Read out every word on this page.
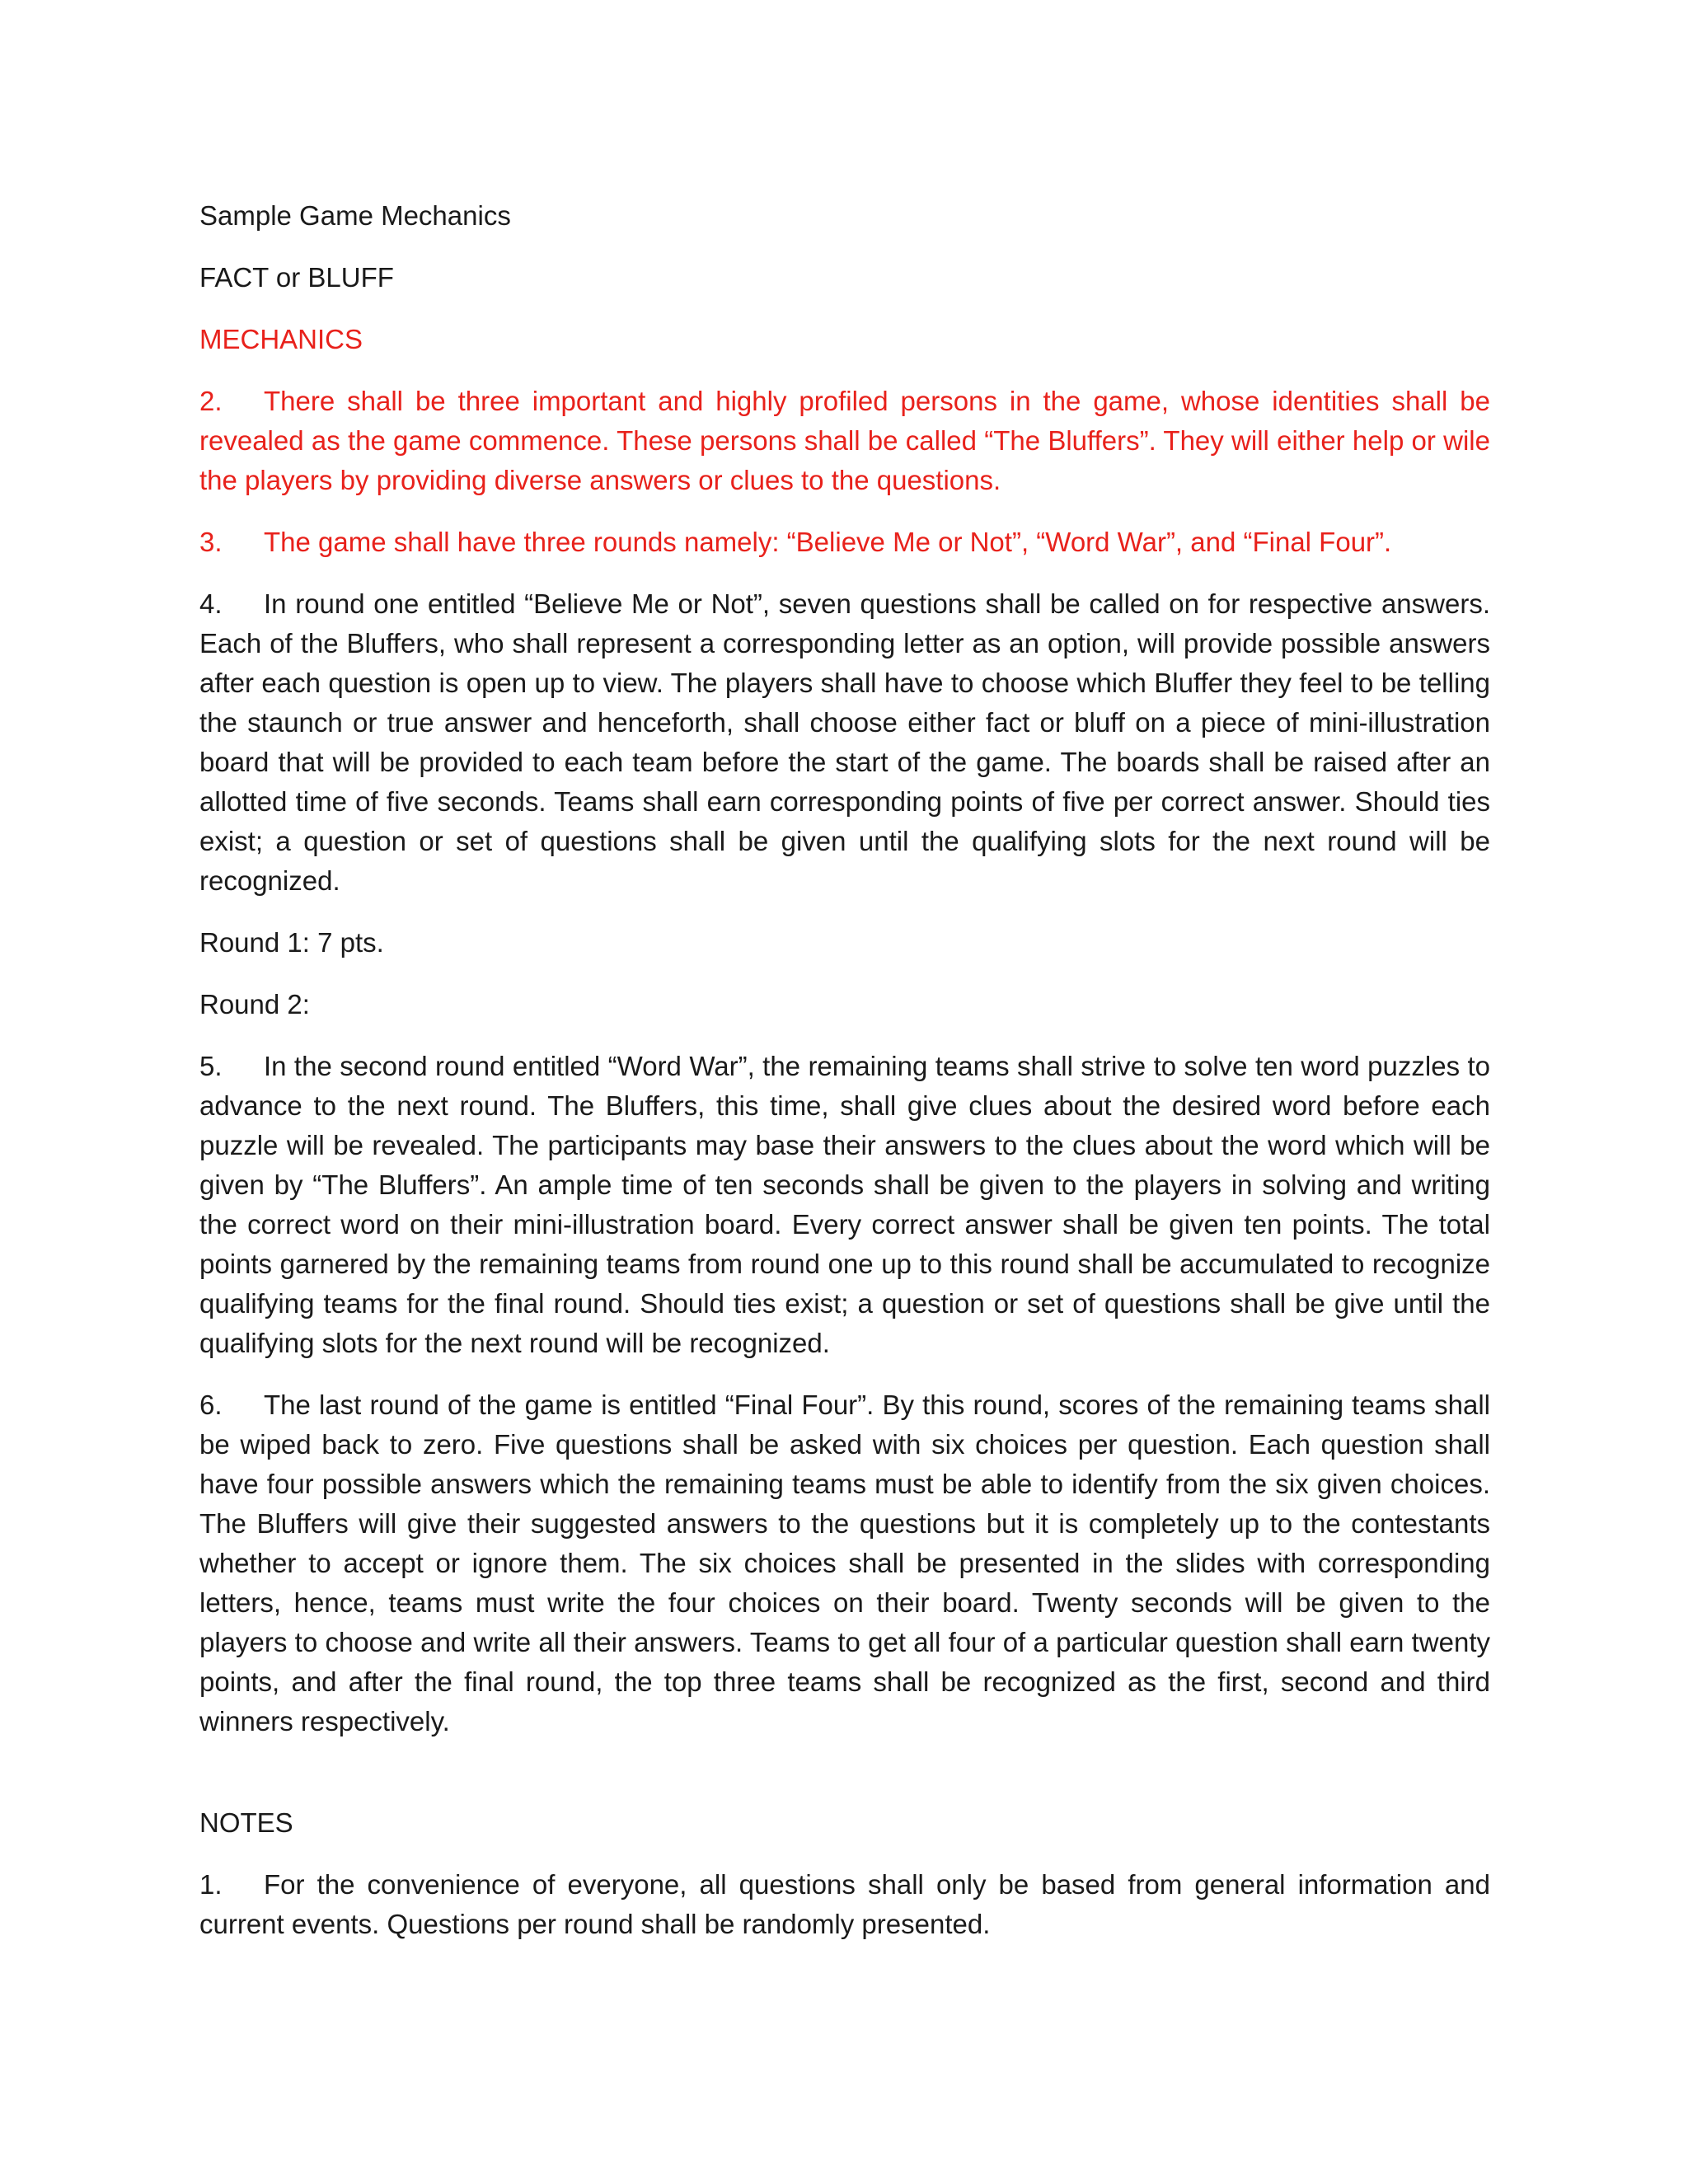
Sample Game Mechanics

FACT or BLUFF

MECHANICS

2. There shall be three important and highly profiled persons in the game, whose identities shall be revealed as the game commence. These persons shall be called “The Bluffers”. They will either help or wile the players by providing diverse answers or clues to the questions.

3. The game shall have three rounds namely: “Believe Me or Not”, “Word War”, and “Final Four”.

4. In round one entitled “Believe Me or Not”, seven questions shall be called on for respective answers. Each of the Bluffers, who shall represent a corresponding letter as an option, will provide possible answers after each question is open up to view. The players shall have to choose which Bluffer they feel to be telling the staunch or true answer and henceforth, shall choose either fact or bluff on a piece of mini-illustration board that will be provided to each team before the start of the game. The boards shall be raised after an allotted time of five seconds. Teams shall earn corresponding points of five per correct answer. Should ties exist; a question or set of questions shall be given until the qualifying slots for the next round will be recognized.

Round 1: 7 pts.

Round 2:

5. In the second round entitled “Word War”, the remaining teams shall strive to solve ten word puzzles to advance to the next round. The Bluffers, this time, shall give clues about the desired word before each puzzle will be revealed. The participants may base their answers to the clues about the word which will be given by “The Bluffers”. An ample time of ten seconds shall be given to the players in solving and writing the correct word on their mini-illustration board. Every correct answer shall be given ten points. The total points garnered by the remaining teams from round one up to this round shall be accumulated to recognize qualifying teams for the final round. Should ties exist; a question or set of questions shall be give until the qualifying slots for the next round will be recognized.

6. The last round of the game is entitled “Final Four”. By this round, scores of the remaining teams shall be wiped back to zero. Five questions shall be asked with six choices per question. Each question shall have four possible answers which the remaining teams must be able to identify from the six given choices. The Bluffers will give their suggested answers to the questions but it is completely up to the contestants whether to accept or ignore them. The six choices shall be presented in the slides with corresponding letters, hence, teams must write the four choices on their board. Twenty seconds will be given to the players to choose and write all their answers. Teams to get all four of a particular question shall earn twenty points, and after the final round, the top three teams shall be recognized as the first, second and third winners respectively.

NOTES

1. For the convenience of everyone, all questions shall only be based from general information and current events. Questions per round shall be randomly presented.
